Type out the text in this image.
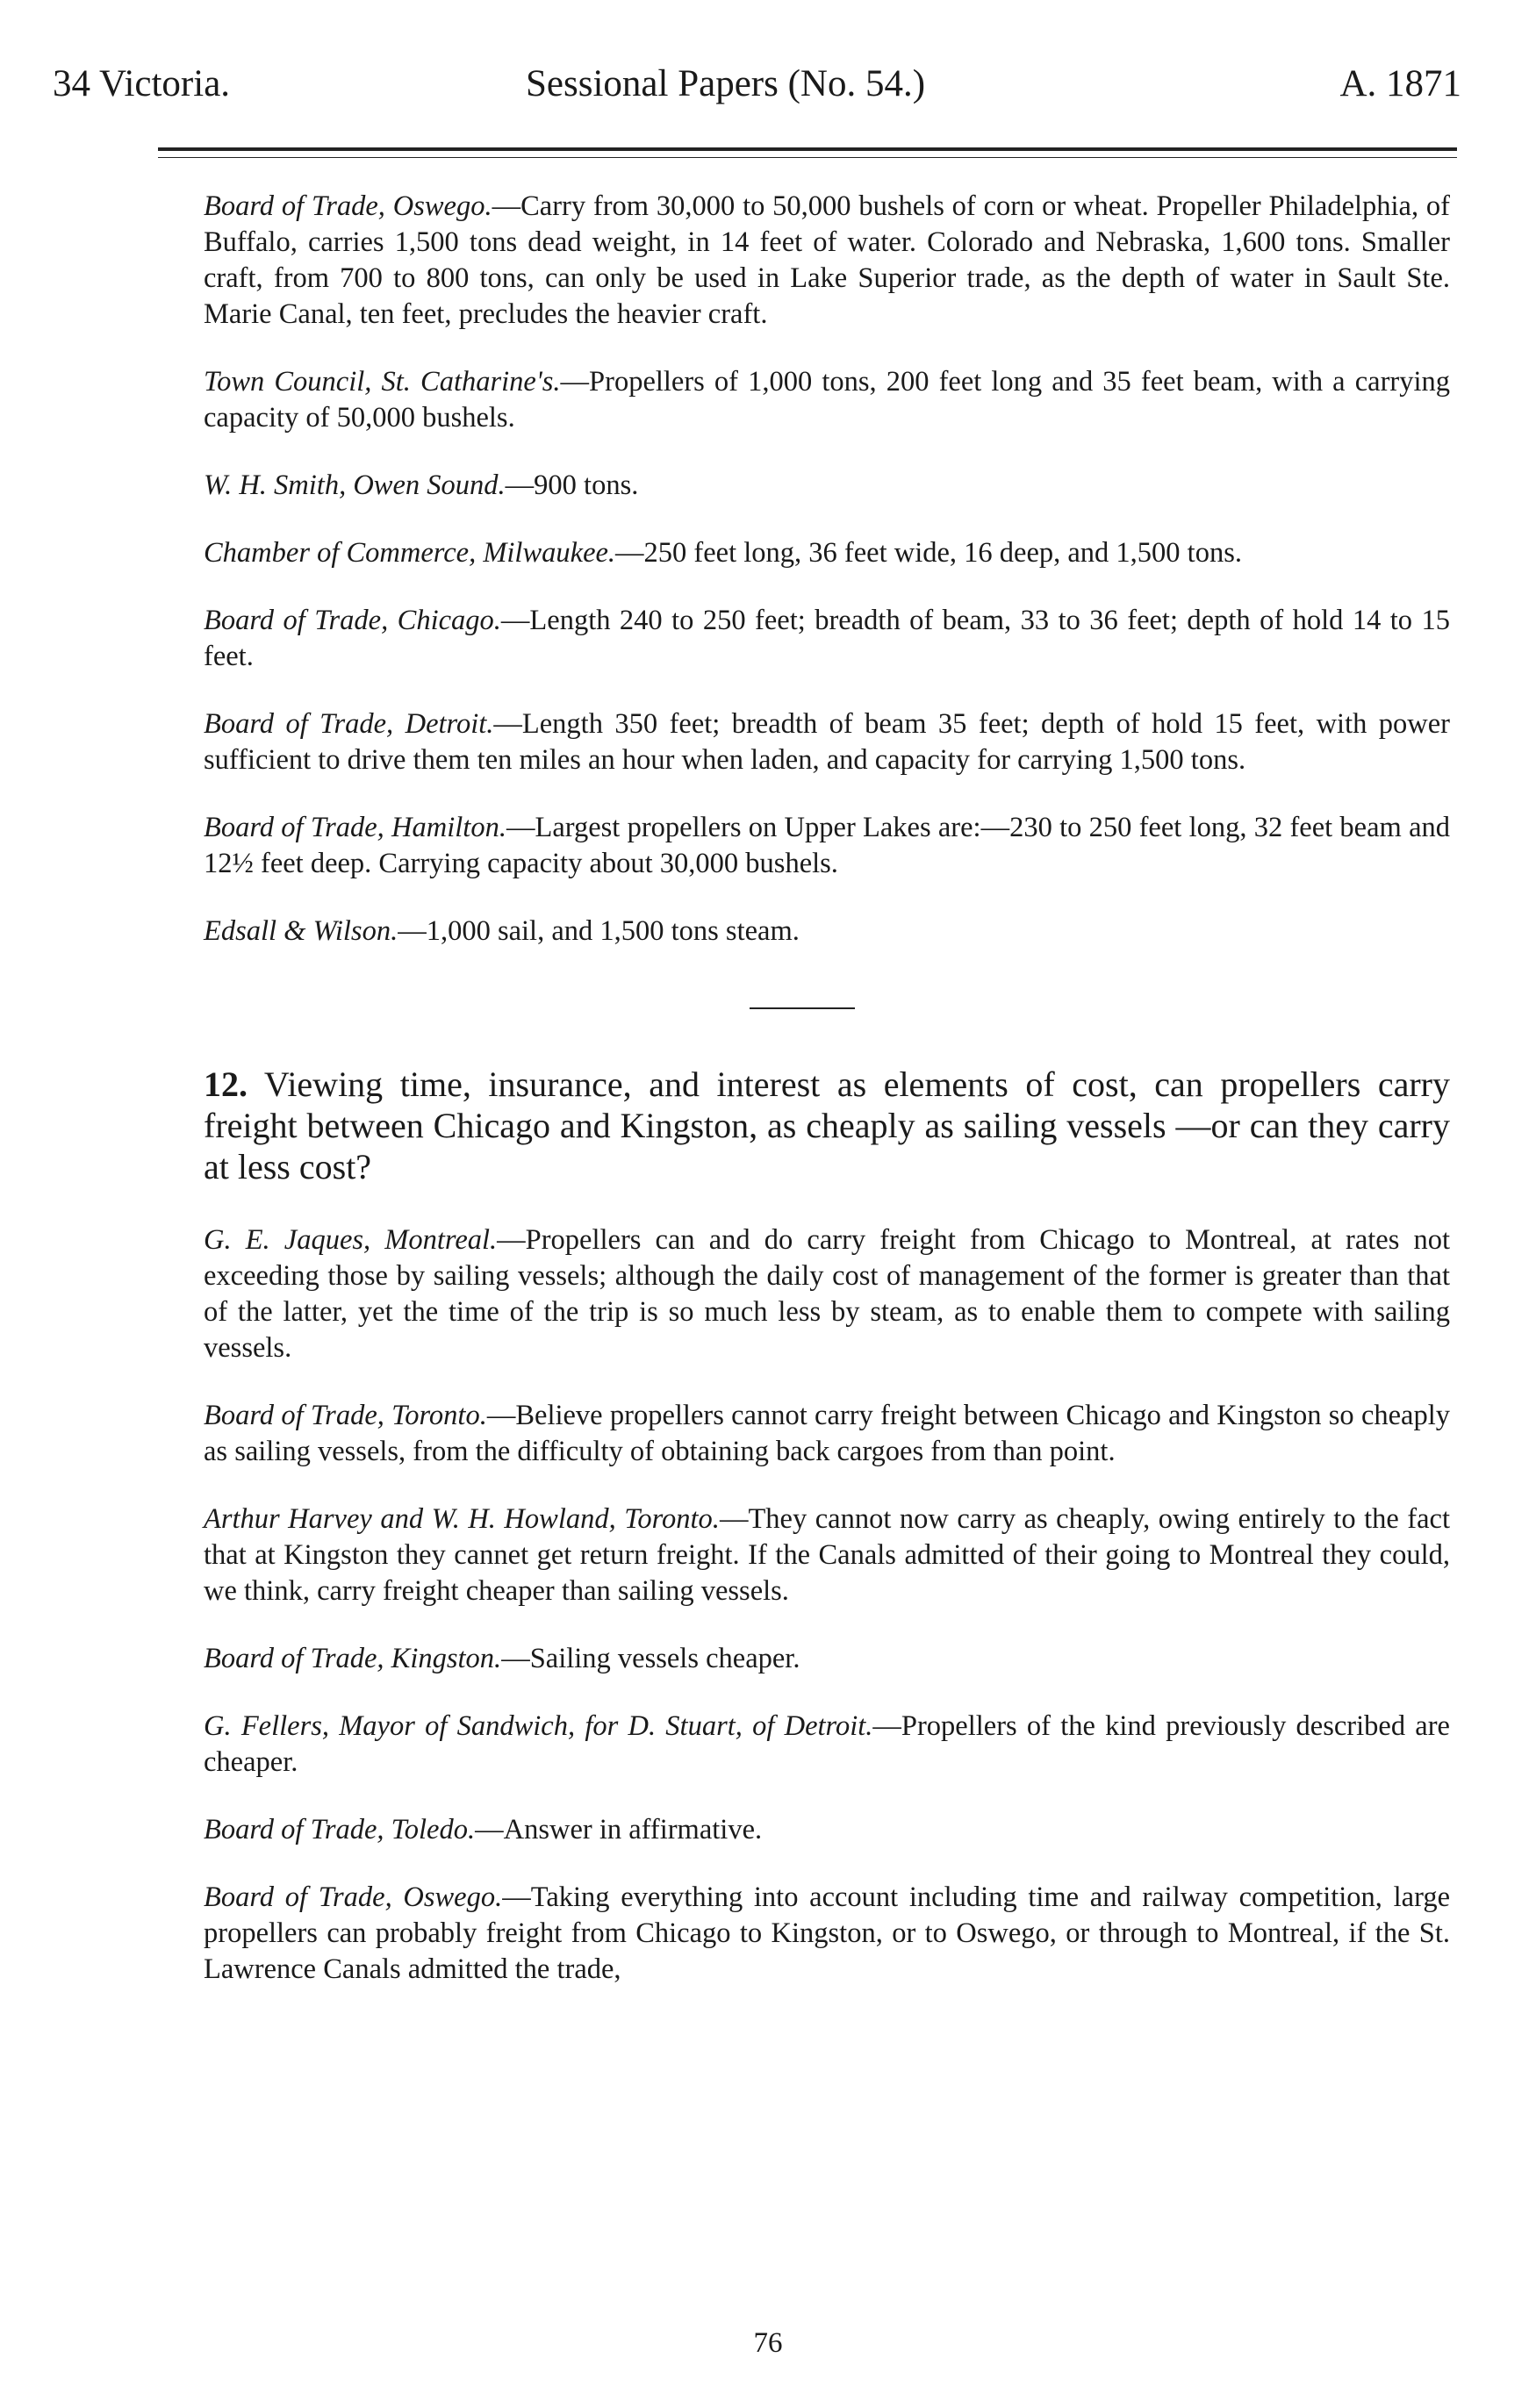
34 Victoria.	Sessional Papers (No. 54.)	A. 1871

Board of Trade, Oswego.—Carry from 30,000 to 50,000 bushels of corn or wheat. Propeller Philadelphia, of Buffalo, carries 1,500 tons dead weight, in 14 feet of water. Colorado and Nebraska, 1,600 tons. Smaller craft, from 700 to 800 tons, can only be used in Lake Superior trade, as the depth of water in Sault Ste. Marie Canal, ten feet, precludes the heavier craft.

Town Council, St. Catharine's.—Propellers of 1,000 tons, 200 feet long and 35 feet beam, with a carrying capacity of 50,000 bushels.

W. H. Smith, Owen Sound.—900 tons.

Chamber of Commerce, Milwaukee.—250 feet long, 36 feet wide, 16 deep, and 1,500 tons.

Board of Trade, Chicago.—Length 240 to 250 feet; breadth of beam, 33 to 36 feet; depth of hold 14 to 15 feet.

Board of Trade, Detroit.—Length 350 feet; breadth of beam 35 feet; depth of hold 15 feet, with power sufficient to drive them ten miles an hour when laden, and capacity for carrying 1,500 tons.

Board of Trade, Hamilton.—Largest propellers on Upper Lakes are:—230 to 250 feet long, 32 feet beam and 12½ feet deep. Carrying capacity about 30,000 bushels.

Edsall & Wilson.—1,000 sail, and 1,500 tons steam.

12. Viewing time, insurance, and interest as elements of cost, can propellers carry freight between Chicago and Kingston, as cheaply as sailing vessels —or can they carry at less cost?

G. E. Jaques, Montreal.—Propellers can and do carry freight from Chicago to Montreal, at rates not exceeding those by sailing vessels; although the daily cost of management of the former is greater than that of the latter, yet the time of the trip is so much less by steam, as to enable them to compete with sailing vessels.

Board of Trade, Toronto.—Believe propellers cannot carry freight between Chicago and Kingston so cheaply as sailing vessels, from the difficulty of obtaining back cargoes from than point.

Arthur Harvey and W. H. Howland, Toronto.—They cannot now carry as cheaply, owing entirely to the fact that at Kingston they cannet get return freight. If the Canals admitted of their going to Montreal they could, we think, carry freight cheaper than sailing vessels.

Board of Trade, Kingston.—Sailing vessels cheaper.

G. Fellers, Mayor of Sandwich, for D. Stuart, of Detroit.—Propellers of the kind previously described are cheaper.

Board of Trade, Toledo.—Answer in affirmative.

Board of Trade, Oswego.—Taking everything into account including time and railway competition, large propellers can probably freight from Chicago to Kingston, or to Oswego, or through to Montreal, if the St. Lawrence Canals admitted the trade,

76
